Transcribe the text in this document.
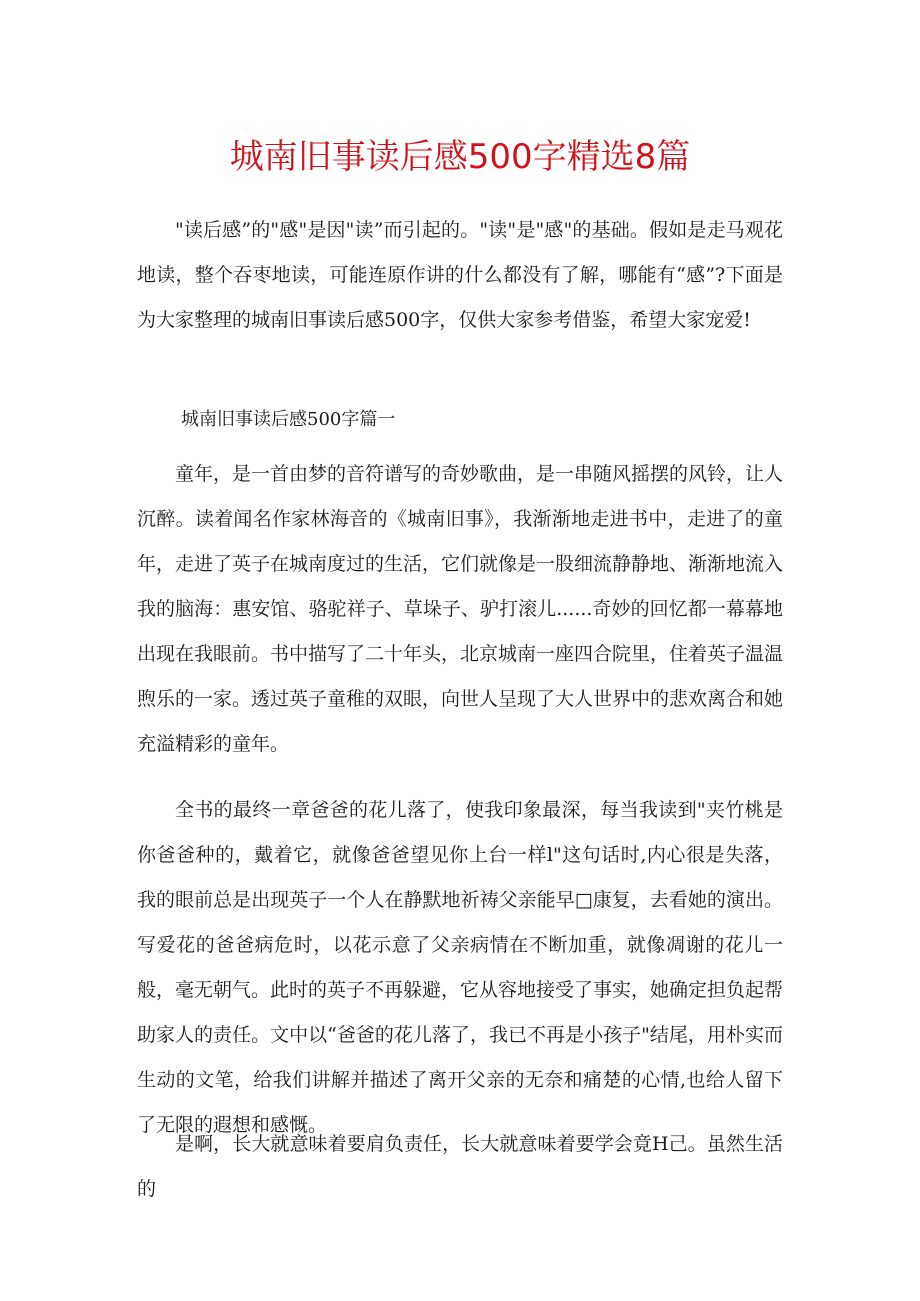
城南旧事读后感500字精选8篇

"读后感”的"感"是因"读”而引起的。"读"是"感"的基础。假如是走马观花地读，整个吞枣地读，可能连原作讲的什么都没有了解，哪能有“感”?下面是为大家整理的城南旧事读后感500字，仅供大家参考借鉴，希望大家宠爱!

城南旧事读后感500字篇一

童年，是一首由梦的音符谱写的奇妙歌曲，是一串随风摇摆的风铃，让人沉醉。读着闻名作家林海音的《城南旧事》，我渐渐地走进书中，走进了的童年，走进了英子在城南度过的生活，它们就像是一股细流静静地、渐渐地流入我的脑海：惠安馆、骆驼祥子、草垛子、驴打滚儿......奇妙的回忆都一幕幕地出现在我眼前。书中描写了二十年头，北京城南一座四合院里，住着英子温温煦乐的一家。透过英子童稚的双眼，向世人呈现了大人世界中的悲欢离合和她充溢精彩的童年。

全书的最终一章爸爸的花儿落了，使我印象最深，每当我读到"夹竹桃是你爸爸种的，戴着它，就像爸爸望见你上台一样l"这句话时,内心很是失落，我的眼前总是出现英子一个人在静默地祈祷父亲能早□康复，去看她的演出。写爱花的爸爸病危时，以花示意了父亲病情在不断加重，就像凋谢的花儿一般，毫无朝气。此时的英子不再躲避，它从容地接受了事实，她确定担负起帮助家人的责任。文中以“爸爸的花儿落了，我已不再是小孩子"结尾，用朴实而生动的文笔，给我们讲解并描述了离开父亲的无奈和痛楚的心情,也给人留下了无限的遐想和感慨。

是啊，长大就意味着要肩负责任，长大就意味着要学会竟H己。虽然生活的
